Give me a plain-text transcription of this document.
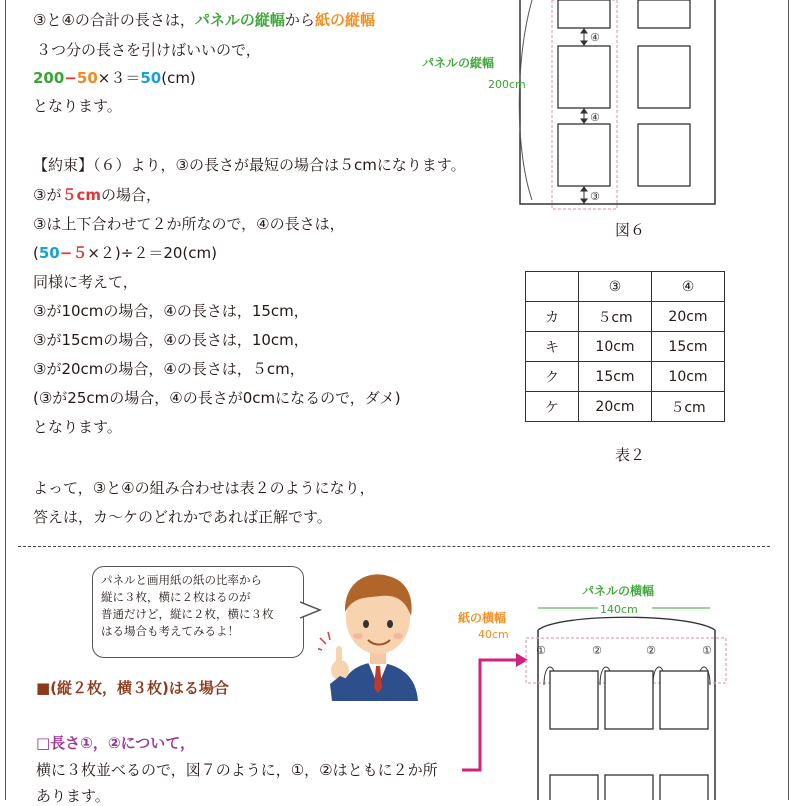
③と④の合計の長さは，パネルの縦幅から紙の縦幅
３つ分の長さを引けばいいので，
200−50×３＝50(cm)
となります。
【約束】（６）より，③の長さが最短の場合は５cmになります。
③が５cmの場合，
③は上下合わせて２か所なので，④の長さは，
(50−５×２)÷２＝20(cm)
同様に考えて，
③が10cmの場合，④の長さは，15cm，
③が15cmの場合，④の長さは，10cm，
③が20cmの場合，④の長さは，５cm，
(③が25cmの場合，④の長さが0cmになるので，ダメ)
となります。
よって，③と④の組み合わせは表２のようになり，
答えは，カ〜ケのどれかであれば正解です。
④
④
③
パネルの縦幅
200cm
図６
	③	④
カ	５cm	20cm
キ	10cm	15cm
ク	15cm	10cm
ケ	20cm	５cm
表２
パネルと画用紙の紙の比率から
縦に３枚，横に２枚はるのが
普通だけど，縦に２枚，横に３枚
はる場合も考えてみるよ！
■(縦２枚，横３枚)はる場合
□長さ①，②について，
横に３枚並べるので，図７のように，①，②はともに２か所
あります。
パネルの横幅
140cm
紙の横幅
40cm
①	②	②	①
